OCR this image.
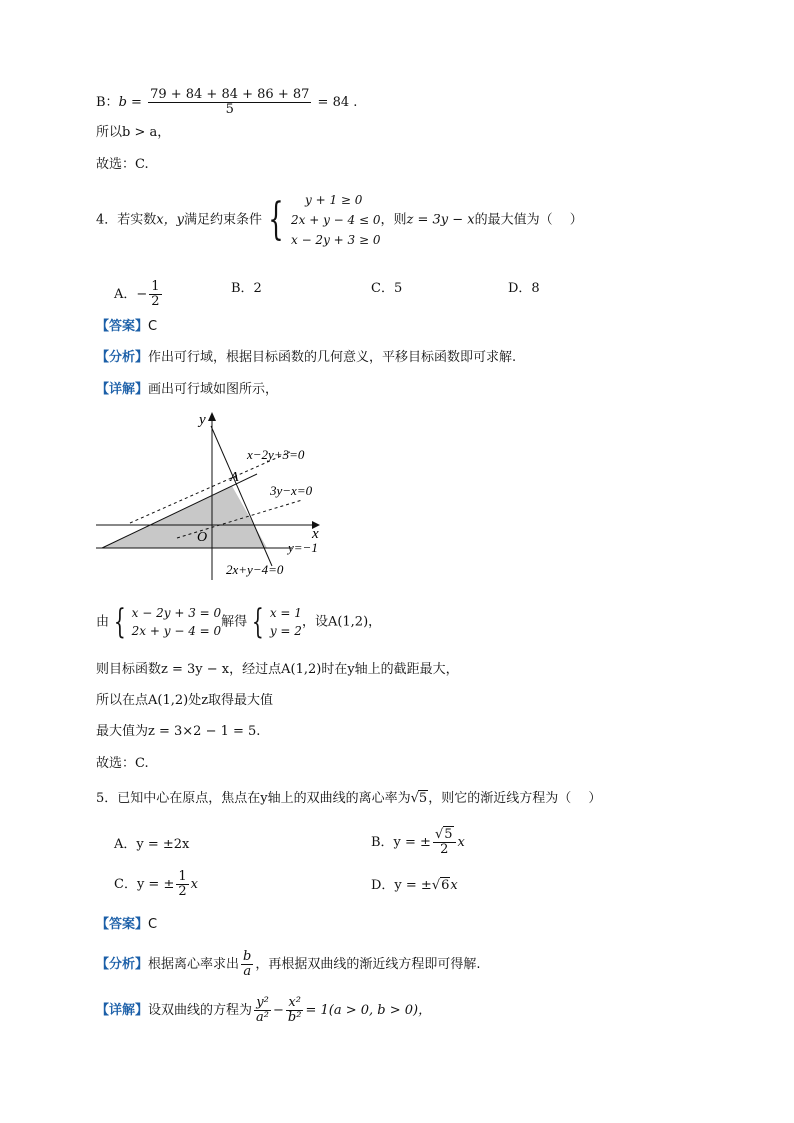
B：$b = \frac{79 + 84 + 84 + 86 + 87}{5} = 84$ .
所以b > a，
故选：C.
4．若实数x，y满足约束条件 {	y + 1 ≥ 0
2x + y − 4 ≤ 0
x − 2y + 3 ≥ 0
，则z = 3y − x的最大值为（　 ）
A．− $\frac{1}{2}$	B．2	C．5	D．8
【答案】C
【分析】作出可行域，根据目标函数的几何意义，平移目标函数即可求解.
【详解】画出可行域如图所示，
y
x
O
A
x−2y+3=0
3y−x=0
y=−1
2x+y−4=0
由 { x − 2y + 3 = 0
2x + y − 4 = 0
解得 { x = 1
y = 2
，设A(1,2)，
则目标函数z = 3y − x，经过点A(1,2)时在y轴上的截距最大，
所以在点A(1,2)处z取得最大值
最大值为z = 3×2 − 1 = 5.
故选：C.
5．已知中心在原点，焦点在y轴上的双曲线的离心率为√5，则它的渐近线方程为（　 ）
A．y = ±2x	B．y = ± $\frac{√5}{2}$ x
C．y = ± $\frac{1}{2}$ x	D．y = ±√6x
【答案】C
【分析】根据离心率求出 $\frac{b}{a}$ ，再根据双曲线的渐近线方程即可得解.
【详解】设双曲线的方程为 $\frac{\text{y²}}{\text{a²}} - \frac{\text{x²}}{\text{b²}} = 1(a > 0$, b > 0)，
